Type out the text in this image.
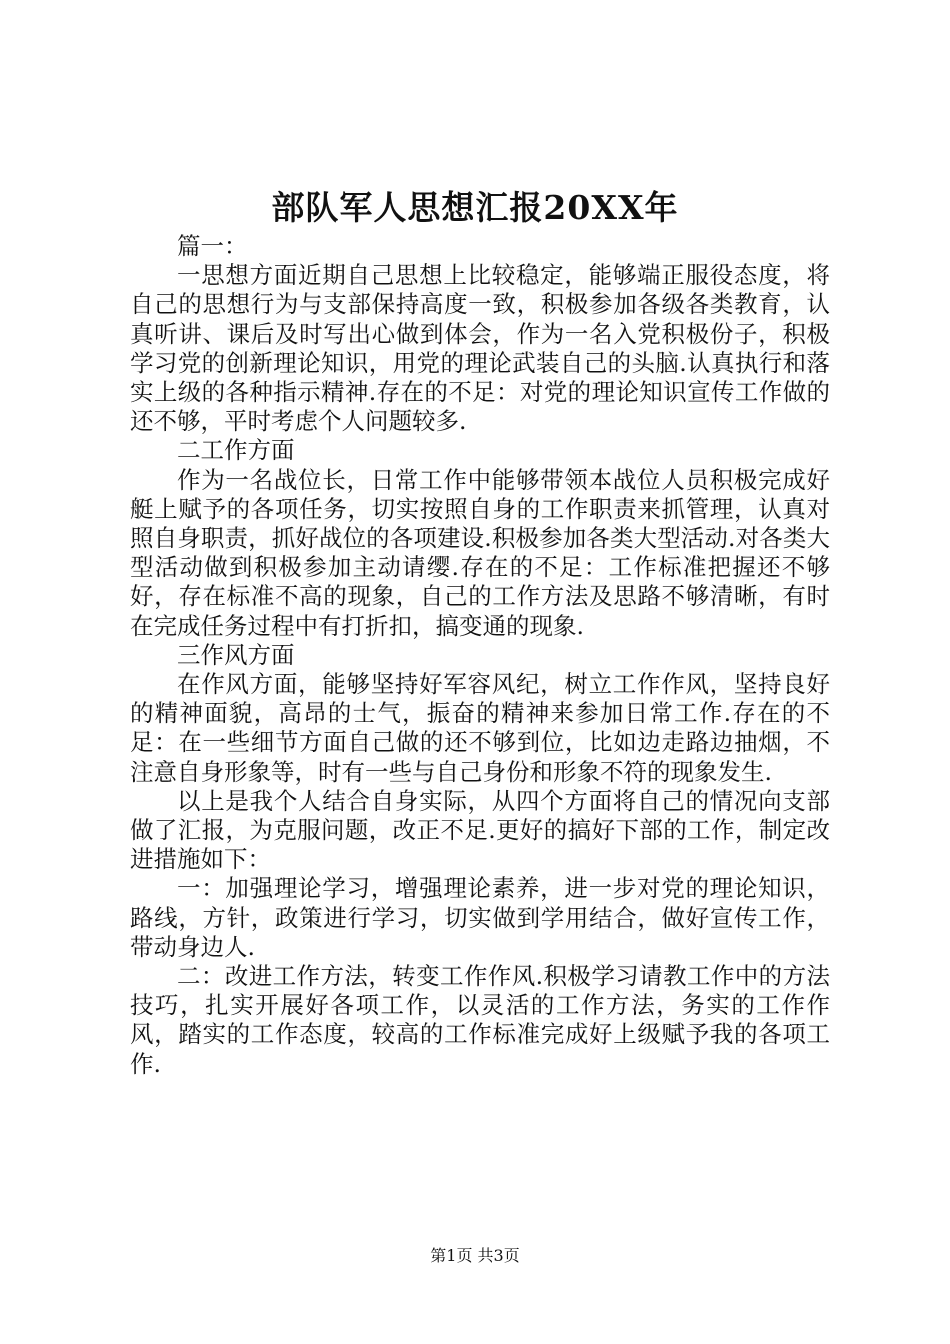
部队军人思想汇报20XX年

篇一：

一思想方面近期自己思想上比较稳定，能够端正服役态度，将自己的思想行为与支部保持高度一致，积极参加各级各类教育，认真听讲、课后及时写出心做到体会，作为一名入党积极份子，积极学习党的创新理论知识，用党的理论武装自己的头脑.认真执行和落实上级的各种指示精神.存在的不足：对党的理论知识宣传工作做的还不够，平时考虑个人问题较多.

二工作方面

作为一名战位长，日常工作中能够带领本战位人员积极完成好艇上赋予的各项任务，切实按照自身的工作职责来抓管理，认真对照自身职责，抓好战位的各项建设.积极参加各类大型活动.对各类大型活动做到积极参加主动请缨.存在的不足：工作标准把握还不够好，存在标准不高的现象，自己的工作方法及思路不够清晰，有时在完成任务过程中有打折扣，搞变通的现象.

三作风方面

在作风方面，能够坚持好军容风纪，树立工作作风，坚持良好的精神面貌，高昂的士气，振奋的精神来参加日常工作.存在的不足：在一些细节方面自己做的还不够到位，比如边走路边抽烟，不注意自身形象等，时有一些与自己身份和形象不符的现象发生.

以上是我个人结合自身实际，从四个方面将自己的情况向支部做了汇报，为克服问题，改正不足.更好的搞好下部的工作，制定改进措施如下：

一：加强理论学习，增强理论素养，进一步对党的理论知识，路线，方针，政策进行学习，切实做到学用结合，做好宣传工作，带动身边人.

二：改进工作方法，转变工作作风.积极学习请教工作中的方法技巧，扎实开展好各项工作，以灵活的工作方法，务实的工作作风，踏实的工作态度，较高的工作标准完成好上级赋予我的各项工作.

第1页 共3页
